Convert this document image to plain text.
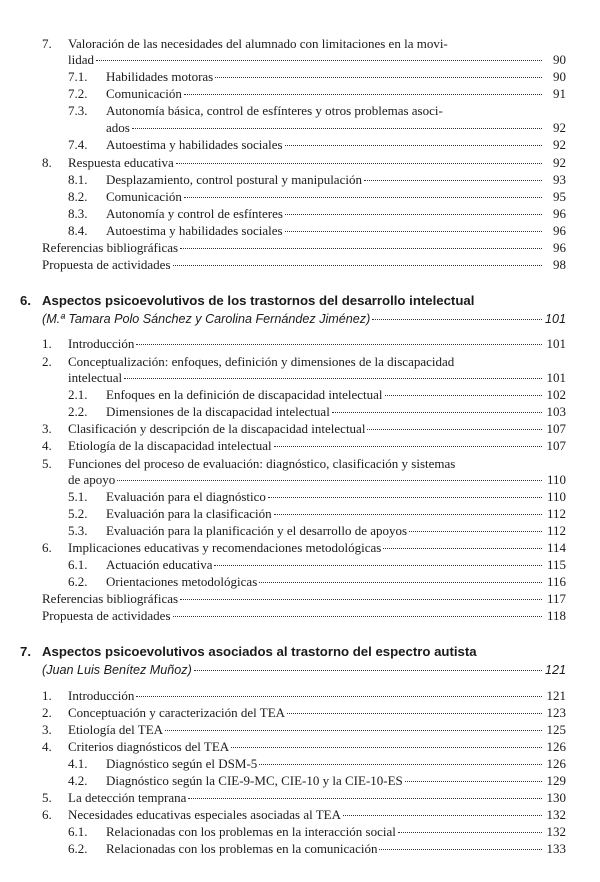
7.	Valoración de las necesidades del alumnado con limitaciones en la movi-
lidad	90
7.1.	Habilidades motoras	90
7.2.	Comunicación	91
7.3.	Autonomía básica, control de esfínteres y otros problemas asoci-
ados	92
7.4.	Autoestima y habilidades sociales	92
8.	Respuesta educativa	92
8.1.	Desplazamiento, control postural y manipulación	93
8.2.	Comunicación	95
8.3.	Autonomía y control de esfínteres	96
8.4.	Autoestima y habilidades sociales	96
Referencias bibliográficas	96
Propuesta de actividades	98
6. Aspectos psicoevolutivos de los trastornos del desarrollo intelectual
(M.ª Tamara Polo Sánchez y Carolina Fernández Jiménez)	101
1.	Introducción	101
2.	Conceptualización: enfoques, definición y dimensiones de la discapacidad
intelectual	101
2.1.	Enfoques en la definición de discapacidad intelectual	102
2.2.	Dimensiones de la discapacidad intelectual	103
3.	Clasificación y descripción de la discapacidad intelectual	107
4.	Etiología de la discapacidad intelectual	107
5.	Funciones del proceso de evaluación: diagnóstico, clasificación y sistemas
de apoyo	110
5.1.	Evaluación para el diagnóstico	110
5.2.	Evaluación para la clasificación	112
5.3.	Evaluación para la planificación y el desarrollo de apoyos	112
6.	Implicaciones educativas y recomendaciones metodológicas	114
6.1.	Actuación educativa	115
6.2.	Orientaciones metodológicas	116
Referencias bibliográficas	117
Propuesta de actividades	118
7. Aspectos psicoevolutivos asociados al trastorno del espectro autista
(Juan Luis Benítez Muñoz)	121
1.	Introducción	121
2.	Conceptuación y caracterización del TEA	123
3.	Etiología del TEA	125
4.	Criterios diagnósticos del TEA	126
4.1.	Diagnóstico según el DSM-5	126
4.2.	Diagnóstico según la CIE-9-MC, CIE-10 y la CIE-10-ES	129
5.	La detección temprana	130
6.	Necesidades educativas especiales asociadas al TEA	132
6.1.	Relacionadas con los problemas en la interacción social	132
6.2.	Relacionadas con los problemas en la comunicación	133
